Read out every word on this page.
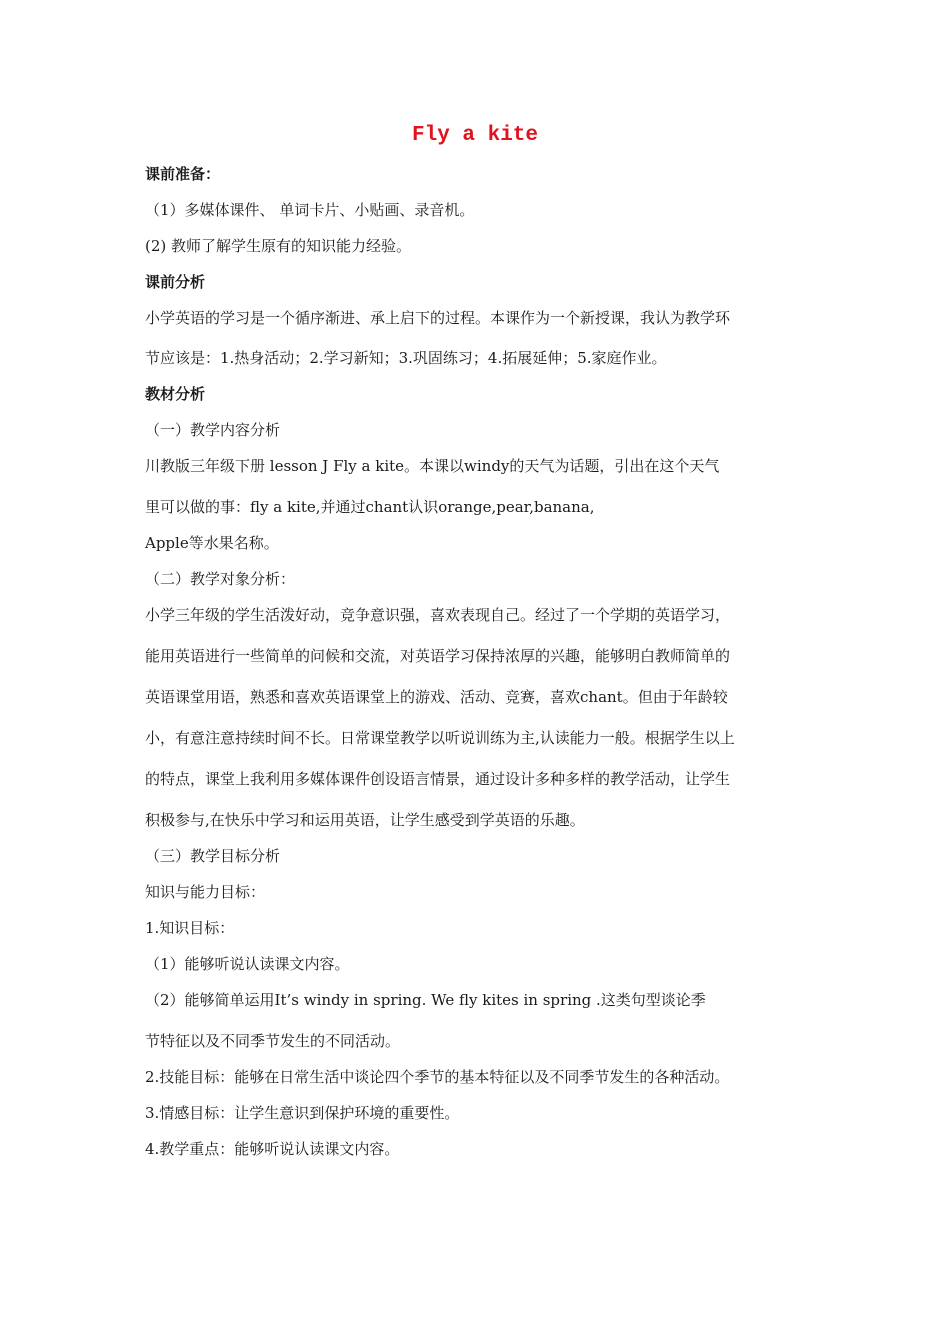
Fly a kite
课前准备：
（1）多媒体课件、 单词卡片、小贴画、录音机。
(2) 教师了解学生原有的知识能力经验。
课前分析
小学英语的学习是一个循序渐进、承上启下的过程。本课作为一个新授课，我认为教学环
节应该是：1.热身活动；2.学习新知；3.巩固练习；4.拓展延伸；5.家庭作业。
教材分析
（一）教学内容分析
川教版三年级下册 lesson J Fly a kite。本课以windy的天气为话题，引出在这个天气
里可以做的事：fly a kite,并通过chant认识orange,pear,banana,
Apple等水果名称。
（二）教学对象分析：
小学三年级的学生活泼好动，竞争意识强，喜欢表现自己。经过了一个学期的英语学习，
能用英语进行一些简单的问候和交流，对英语学习保持浓厚的兴趣，能够明白教师简单的
英语课堂用语，熟悉和喜欢英语课堂上的游戏、活动、竞赛，喜欢chant。但由于年龄较
小，有意注意持续时间不长。日常课堂教学以听说训练为主,认读能力一般。根据学生以上
的特点，课堂上我利用多媒体课件创设语言情景，通过设计多种多样的教学活动，让学生
积极参与,在快乐中学习和运用英语，让学生感受到学英语的乐趣。
（三）教学目标分析
知识与能力目标：
1.知识目标：
（1）能够听说认读课文内容。
（2）能够简单运用It’s windy in spring. We fly kites in spring .这类句型谈论季
节特征以及不同季节发生的不同活动。
2.技能目标：能够在日常生活中谈论四个季节的基本特征以及不同季节发生的各种活动。
3.情感目标：让学生意识到保护环境的重要性。
4.教学重点：能够听说认读课文内容。
